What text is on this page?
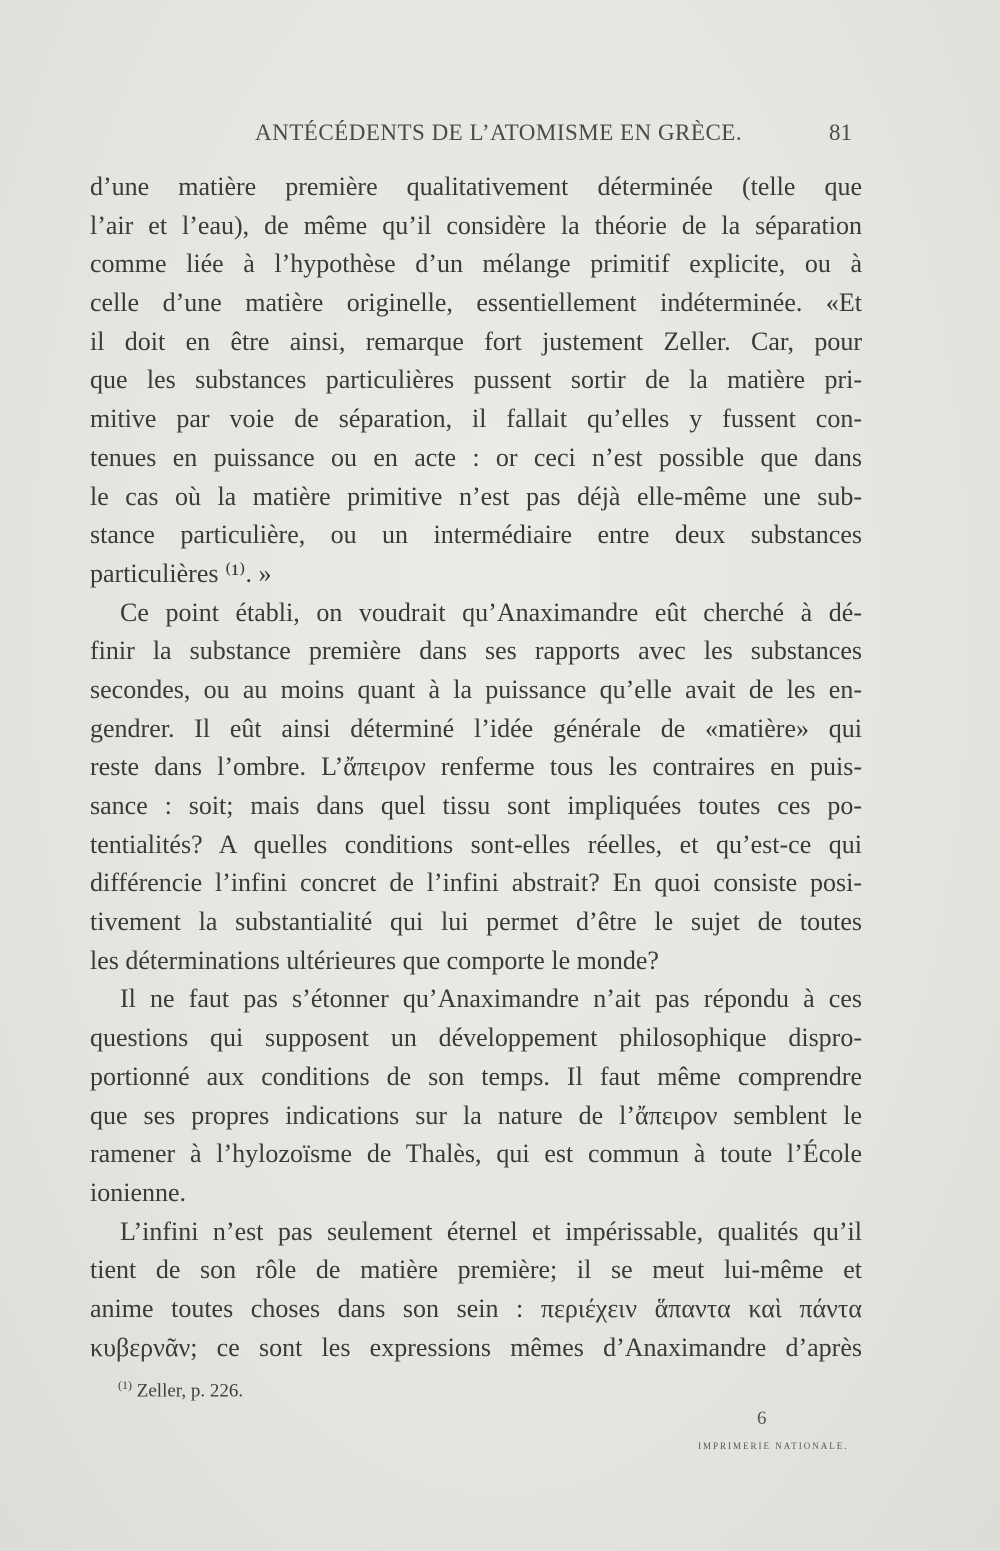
ANTÉCÉDENTS DE L’ATOMISME EN GRÈCE.	81
d’une matière première qualitativement déterminée (telle que
l’air et l’eau), de même qu’il considère la théorie de la séparation
comme liée à l’hypothèse d’un mélange primitif explicite, ou à
celle d’une matière originelle, essentiellement indéterminée. «Et
il doit en être ainsi, remarque fort justement Zeller. Car, pour
que les substances particulières pussent sortir de la matière pri-
mitive par voie de séparation, il fallait qu’elles y fussent con-
tenues en puissance ou en acte : or ceci n’est possible que dans
le cas où la matière primitive n’est pas déjà elle-même une sub-
stance particulière, ou un intermédiaire entre deux substances
particulières ⁽¹⁾. »
Ce point établi, on voudrait qu’Anaximandre eût cherché à dé-
finir la substance première dans ses rapports avec les substances
secondes, ou au moins quant à la puissance qu’elle avait de les en-
gendrer. Il eût ainsi déterminé l’idée générale de «matière» qui
reste dans l’ombre. L’ἄπειρον renferme tous les contraires en puis-
sance : soit; mais dans quel tissu sont impliquées toutes ces po-
tentialités? A quelles conditions sont-elles réelles, et qu’est-ce qui
différencie l’infini concret de l’infini abstrait? En quoi consiste posi-
tivement la substantialité qui lui permet d’être le sujet de toutes
les déterminations ultérieures que comporte le monde?
Il ne faut pas s’étonner qu’Anaximandre n’ait pas répondu à ces
questions qui supposent un développement philosophique dispro-
portionné aux conditions de son temps. Il faut même comprendre
que ses propres indications sur la nature de l’ἄπειρον semblent le
ramener à l’hylozoïsme de Thalès, qui est commun à toute l’École
ionienne.
L’infini n’est pas seulement éternel et impérissable, qualités qu’il
tient de son rôle de matière première; il se meut lui-même et
anime toutes choses dans son sein : περιέχειν ἅπαντα καὶ πάντα
κυβερνᾶν; ce sont les expressions mêmes d’Anaximandre d’après
$^{(1)}$ Zeller, p. 226.
6
IMPRIMERIE NATIONALE.
